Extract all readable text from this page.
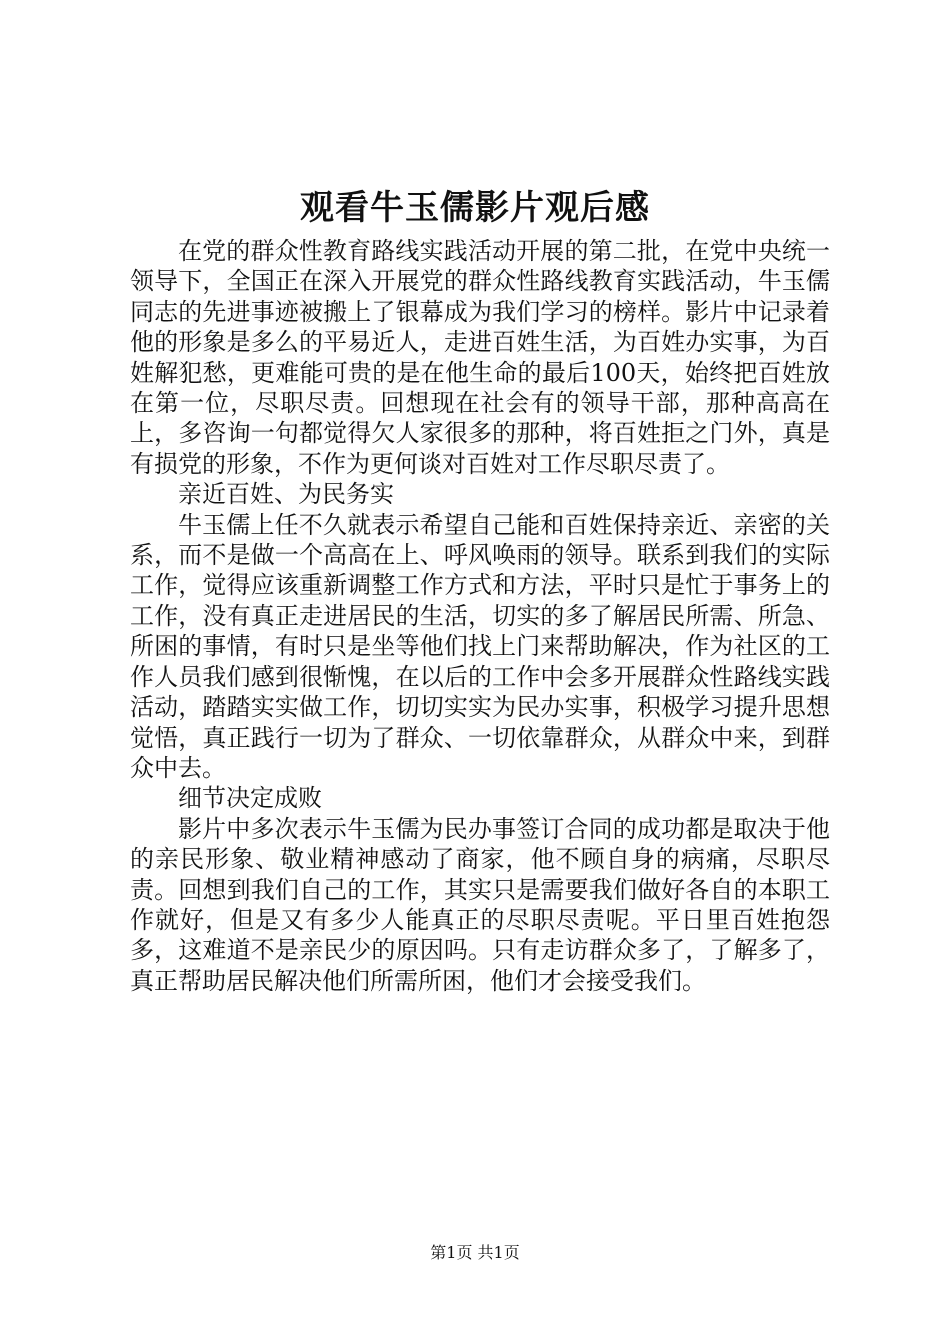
观看牛玉儒影片观后感

在党的群众性教育路线实践活动开展的第二批，在党中央统一领导下，全国正在深入开展党的群众性路线教育实践活动，牛玉儒同志的先进事迹被搬上了银幕成为我们学习的榜样。影片中记录着他的形象是多么的平易近人，走进百姓生活，为百姓办实事，为百姓解犯愁，更难能可贵的是在他生命的最后100天，始终把百姓放在第一位，尽职尽责。回想现在社会有的领导干部，那种高高在上，多咨询一句都觉得欠人家很多的那种，将百姓拒之门外，真是有损党的形象，不作为更何谈对百姓对工作尽职尽责了。

亲近百姓、为民务实

牛玉儒上任不久就表示希望自己能和百姓保持亲近、亲密的关系，而不是做一个高高在上、呼风唤雨的领导。联系到我们的实际工作，觉得应该重新调整工作方式和方法，平时只是忙于事务上的工作，没有真正走进居民的生活，切实的多了解居民所需、所急、所困的事情，有时只是坐等他们找上门来帮助解决，作为社区的工作人员我们感到很惭愧，在以后的工作中会多开展群众性路线实践活动，踏踏实实做工作，切切实实为民办实事，积极学习提升思想觉悟，真正践行一切为了群众、一切依靠群众，从群众中来，到群众中去。

细节决定成败

影片中多次表示牛玉儒为民办事签订合同的成功都是取决于他的亲民形象、敬业精神感动了商家，他不顾自身的病痛，尽职尽责。回想到我们自己的工作，其实只是需要我们做好各自的本职工作就好，但是又有多少人能真正的尽职尽责呢。平日里百姓抱怨多，这难道不是亲民少的原因吗。只有走访群众多了，了解多了，真正帮助居民解决他们所需所困，他们才会接受我们。

第1页 共1页
